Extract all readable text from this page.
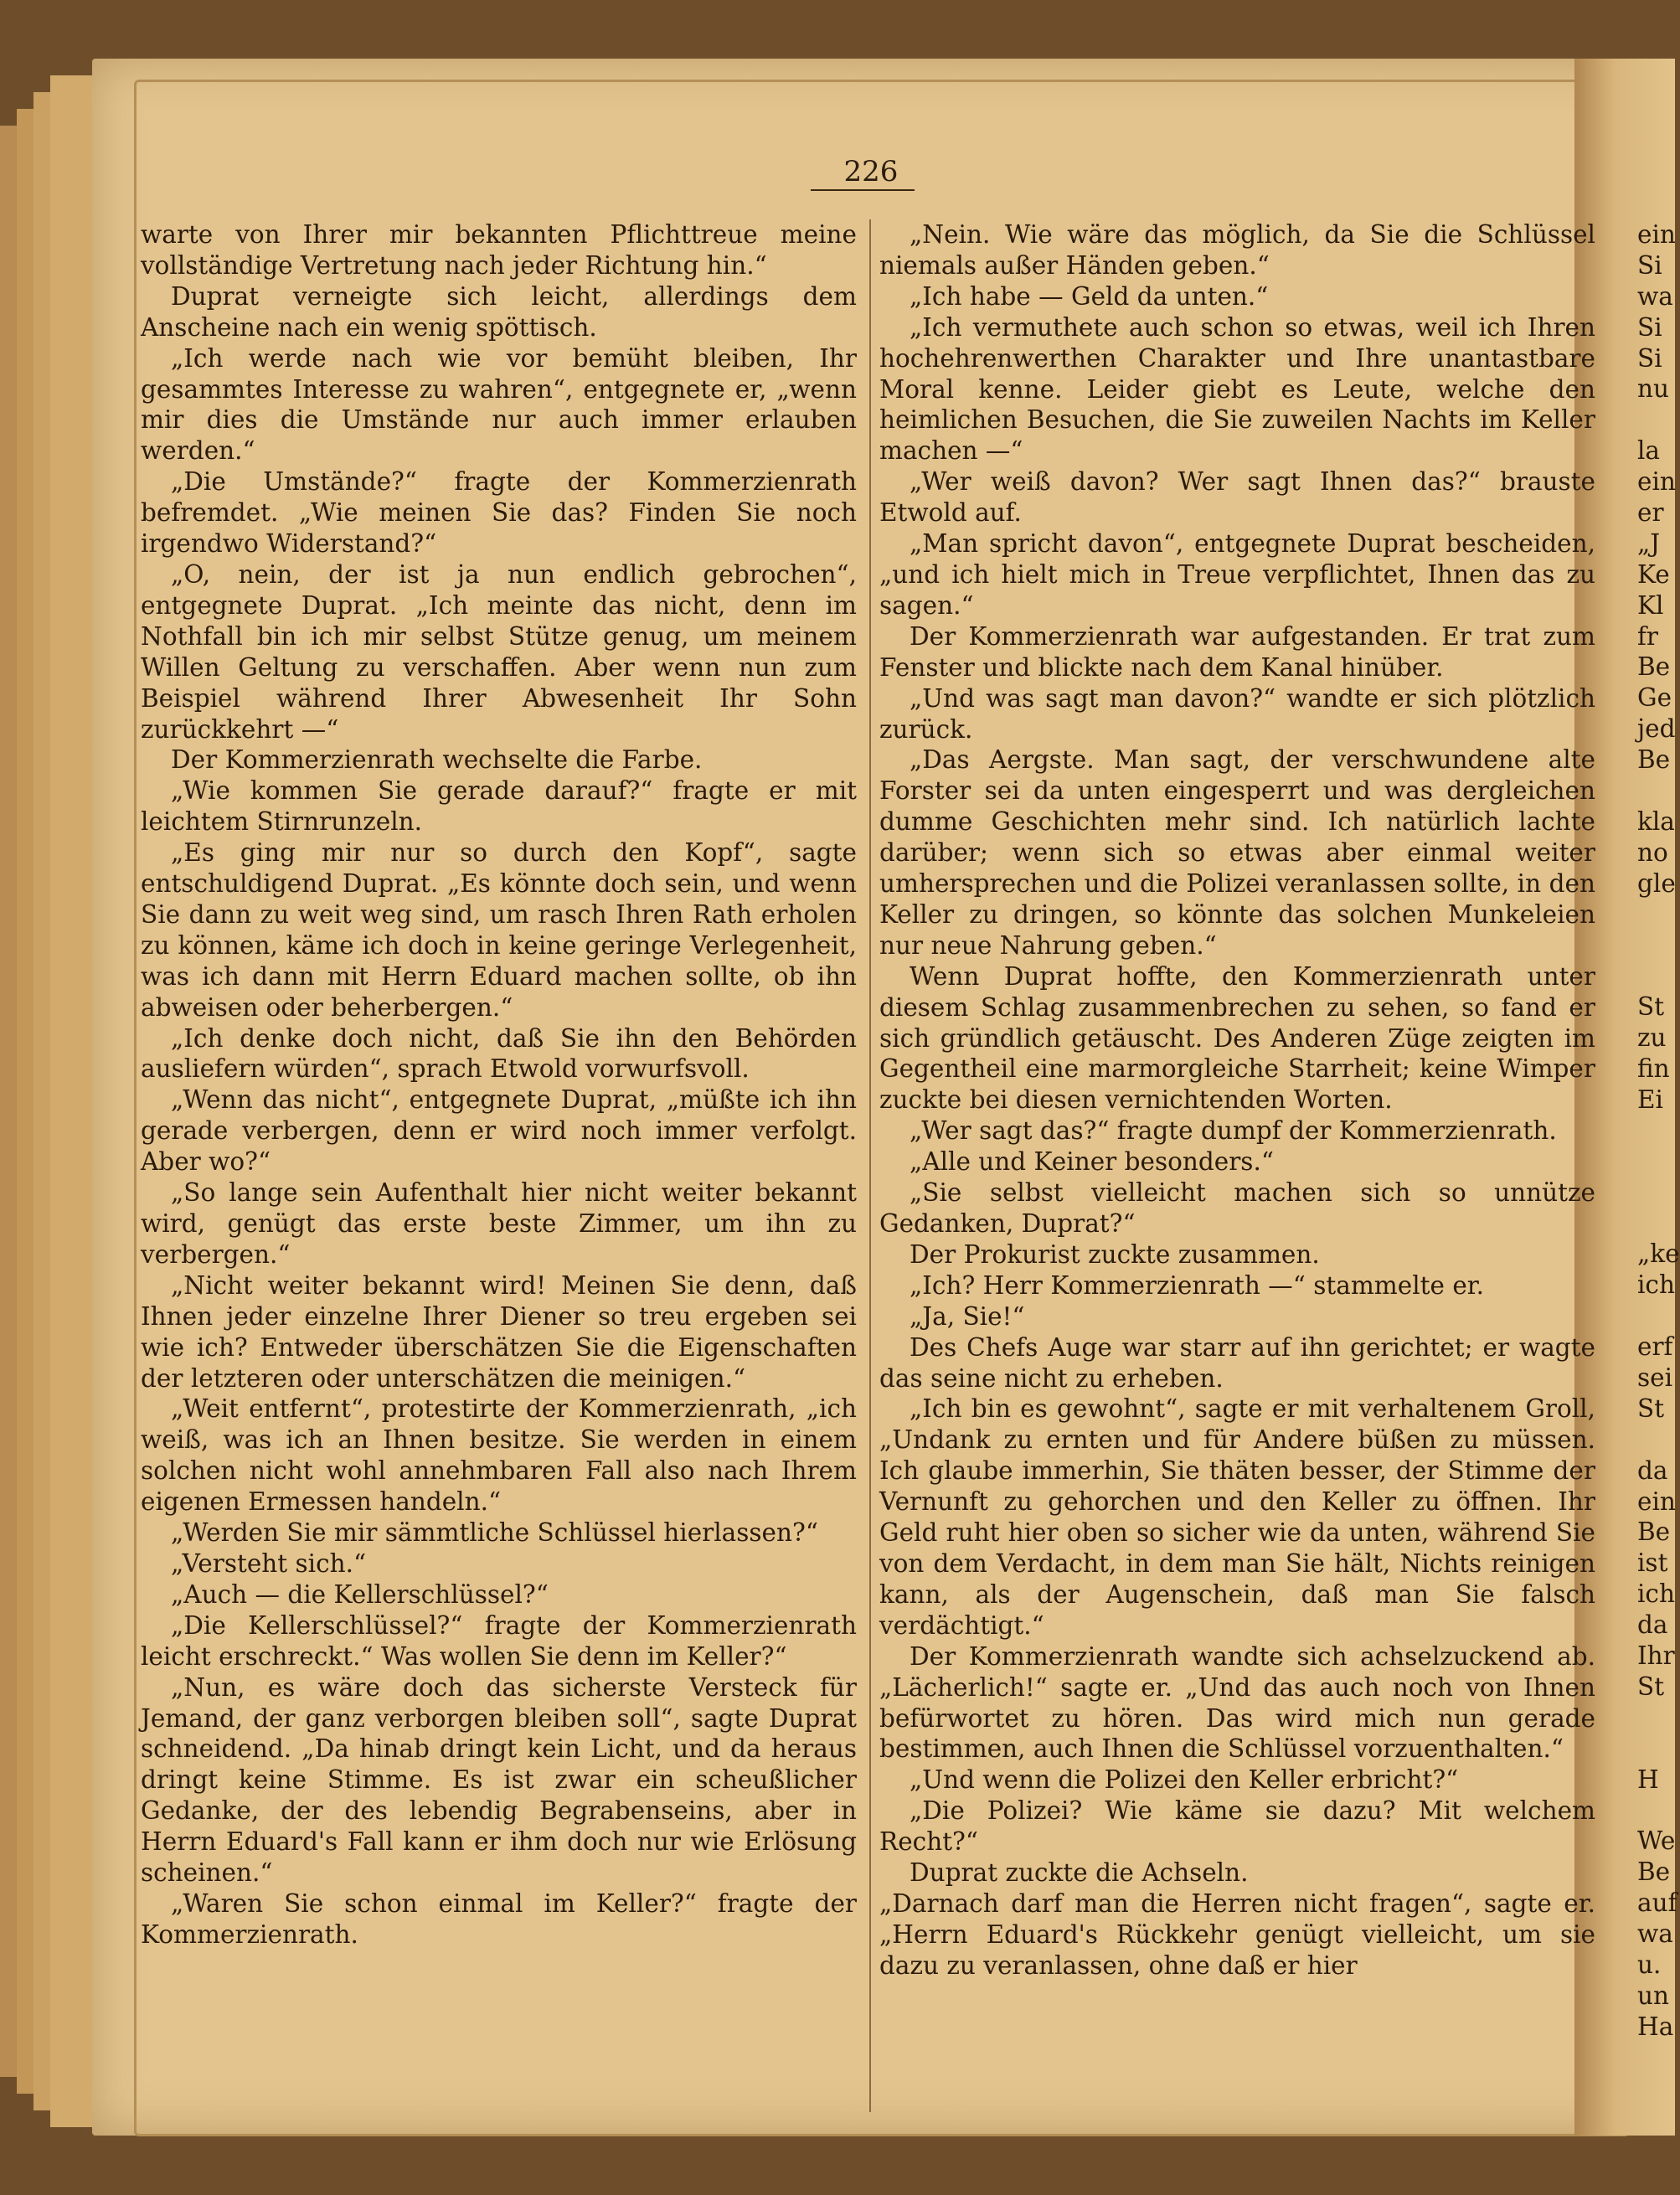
226

warte von Ihrer mir bekannten Pflichttreue meine vollständige Vertretung nach jeder Richtung hin.“

Duprat verneigte sich leicht, allerdings dem Anscheine nach ein wenig spöttisch.

„Ich werde nach wie vor bemüht bleiben, Ihr gesammtes Interesse zu wahren“, entgegnete er, „wenn mir dies die Umstände nur auch immer erlauben werden.“

„Die Umstände?“ fragte der Kommerzienrath befremdet. „Wie meinen Sie das? Finden Sie noch irgendwo Widerstand?“

„O, nein, der ist ja nun endlich gebrochen“, entgegnete Duprat. „Ich meinte das nicht, denn im Nothfall bin ich mir selbst Stütze genug, um meinem Willen Geltung zu verschaffen. Aber wenn nun zum Beispiel während Ihrer Abwesenheit Ihr Sohn zurückkehrt —“

Der Kommerzienrath wechselte die Farbe.

„Wie kommen Sie gerade darauf?“ fragte er mit leichtem Stirnrunzeln.

„Es ging mir nur so durch den Kopf“, sagte entschuldigend Duprat. „Es könnte doch sein, und wenn Sie dann zu weit weg sind, um rasch Ihren Rath erholen zu können, käme ich doch in keine geringe Verlegenheit, was ich dann mit Herrn Eduard machen sollte, ob ihn abweisen oder beherbergen.“

„Ich denke doch nicht, daß Sie ihn den Behörden ausliefern würden“, sprach Etwold vorwurfsvoll.

„Wenn das nicht“, entgegnete Duprat, „müßte ich ihn gerade verbergen, denn er wird noch immer verfolgt. Aber wo?“

„So lange sein Aufenthalt hier nicht weiter bekannt wird, genügt das erste beste Zimmer, um ihn zu verbergen.“

„Nicht weiter bekannt wird! Meinen Sie denn, daß Ihnen jeder einzelne Ihrer Diener so treu ergeben sei wie ich? Entweder überschätzen Sie die Eigenschaften der letzteren oder unterschätzen die meinigen.“

„Weit entfernt“, protestirte der Kommerzienrath, „ich weiß, was ich an Ihnen besitze. Sie werden in einem solchen nicht wohl annehmbaren Fall also nach Ihrem eigenen Ermessen handeln.“

„Werden Sie mir sämmtliche Schlüssel hierlassen?“

„Versteht sich.“

„Auch — die Kellerschlüssel?“

„Die Kellerschlüssel?“ fragte der Kommerzienrath leicht erschreckt.“ Was wollen Sie denn im Keller?“

„Nun, es wäre doch das sicherste Versteck für Jemand, der ganz verborgen bleiben soll“, sagte Duprat schneidend. „Da hinab dringt kein Licht, und da heraus dringt keine Stimme. Es ist zwar ein scheußlicher Gedanke, der des lebendig Begrabenseins, aber in Herrn Eduard's Fall kann er ihm doch nur wie Erlösung scheinen.“

„Waren Sie schon einmal im Keller?“ fragte der Kommerzienrath.

„Nein. Wie wäre das möglich, da Sie die Schlüssel niemals außer Händen geben.“

„Ich habe — Geld da unten.“

„Ich vermuthete auch schon so etwas, weil ich Ihren hochehrenwerthen Charakter und Ihre unantastbare Moral kenne. Leider giebt es Leute, welche den heimlichen Besuchen, die Sie zuweilen Nachts im Keller machen —“

„Wer weiß davon? Wer sagt Ihnen das?“ brauste Etwold auf.

„Man spricht davon“, entgegnete Duprat bescheiden, „und ich hielt mich in Treue verpflichtet, Ihnen das zu sagen.“

Der Kommerzienrath war aufgestanden. Er trat zum Fenster und blickte nach dem Kanal hinüber.

„Und was sagt man davon?“ wandte er sich plötzlich zurück.

„Das Aergste. Man sagt, der verschwundene alte Forster sei da unten eingesperrt und was dergleichen dumme Geschichten mehr sind. Ich natürlich lachte darüber; wenn sich so etwas aber einmal weiter umhersprechen und die Polizei veranlassen sollte, in den Keller zu dringen, so könnte das solchen Munkeleien nur neue Nahrung geben.“

Wenn Duprat hoffte, den Kommerzienrath unter diesem Schlag zusammenbrechen zu sehen, so fand er sich gründlich getäuscht. Des Anderen Züge zeigten im Gegentheil eine marmorgleiche Starrheit; keine Wimper zuckte bei diesen vernichtenden Worten.

„Wer sagt das?“ fragte dumpf der Kommerzienrath.

„Alle und Keiner besonders.“

„Sie selbst vielleicht machen sich so unnütze Gedanken, Duprat?“

Der Prokurist zuckte zusammen.

„Ich? Herr Kommerzienrath —“ stammelte er.

„Ja, Sie!“

Des Chefs Auge war starr auf ihn gerichtet; er wagte das seine nicht zu erheben.

„Ich bin es gewohnt“, sagte er mit verhaltenem Groll, „Undank zu ernten und für Andere büßen zu müssen. Ich glaube immerhin, Sie thäten besser, der Stimme der Vernunft zu gehorchen und den Keller zu öffnen. Ihr Geld ruht hier oben so sicher wie da unten, während Sie von dem Verdacht, in dem man Sie hält, Nichts reinigen kann, als der Augenschein, daß man Sie falsch verdächtigt.“

Der Kommerzienrath wandte sich achselzuckend ab. „Lächerlich!“ sagte er. „Und das auch noch von Ihnen befürwortet zu hören. Das wird mich nun gerade bestimmen, auch Ihnen die Schlüssel vorzuenthalten.“

„Und wenn die Polizei den Keller erbricht?“

„Die Polizei? Wie käme sie dazu? Mit welchem Recht?“

Duprat zuckte die Achseln.

„Darnach darf man die Herren nicht fragen“, sagte er. „Herrn Eduard's Rückkehr genügt vielleicht, um sie dazu zu veranlassen, ohne daß er hier

ein
Si
wa
Si
Si
nu
la
ein
er
„J
Ke
Kl
fr
Be
Ge
jed
Be
kla
no
gle
St
zu
fin
Ei
„ke
ich
erf
sei
St
da
ein
Be
ist
ich
da
Ihr
St
H
We
Be
auf
wa
u.
un
Ha
